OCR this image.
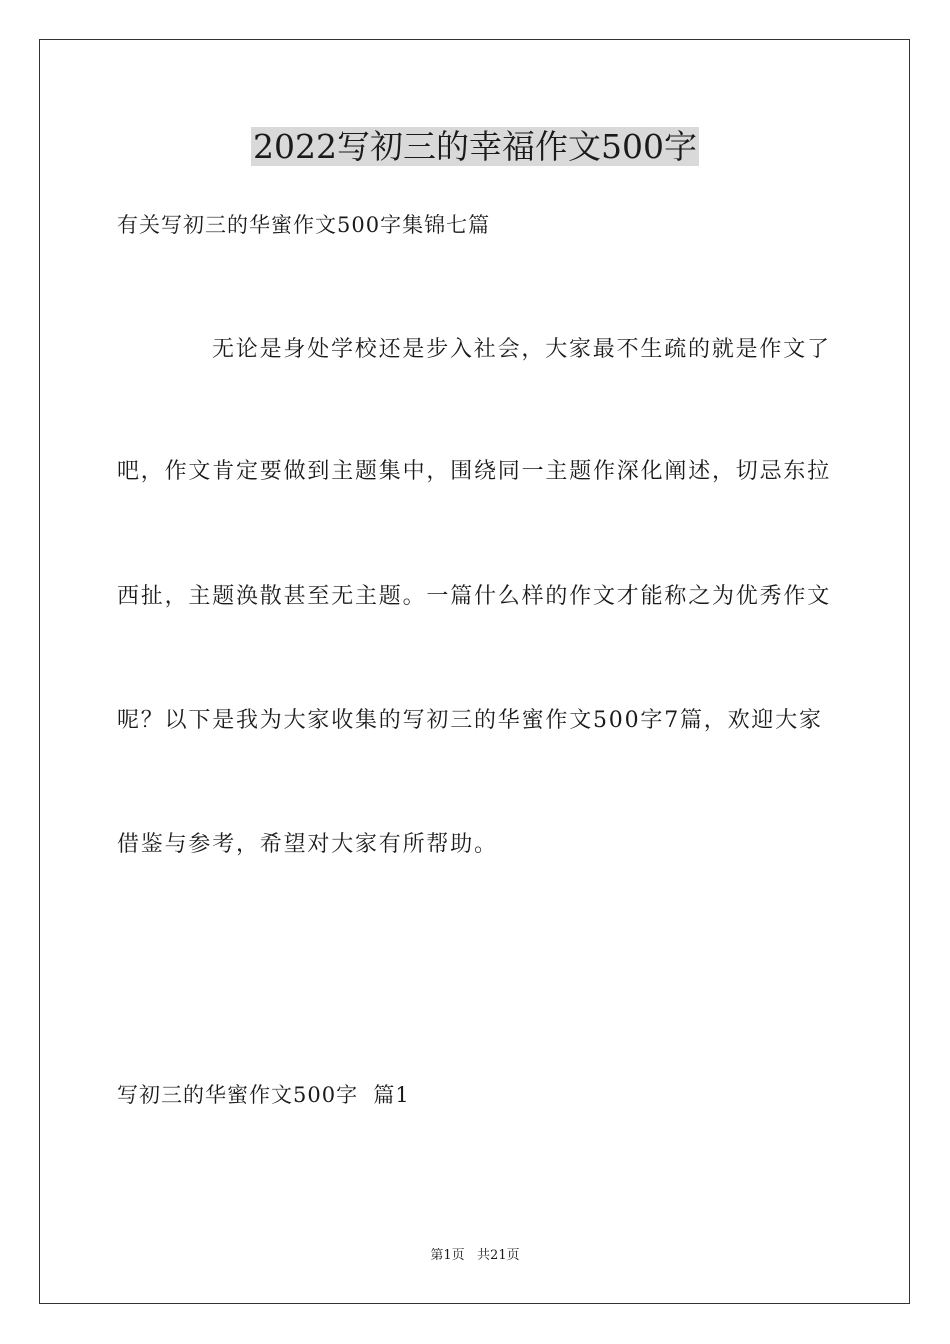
2022写初三的幸福作文500字
有关写初三的华蜜作文500字集锦七篇
无论是身处学校还是步入社会，大家最不生疏的就是作文了
吧，作文肯定要做到主题集中，围绕同一主题作深化阐述，切忌东拉
西扯，主题涣散甚至无主题。一篇什么样的作文才能称之为优秀作文
呢？以下是我为大家收集的写初三的华蜜作文500字7篇，欢迎大家
借鉴与参考，希望对大家有所帮助。
写初三的华蜜作文500字  篇1
第1页   共21页
